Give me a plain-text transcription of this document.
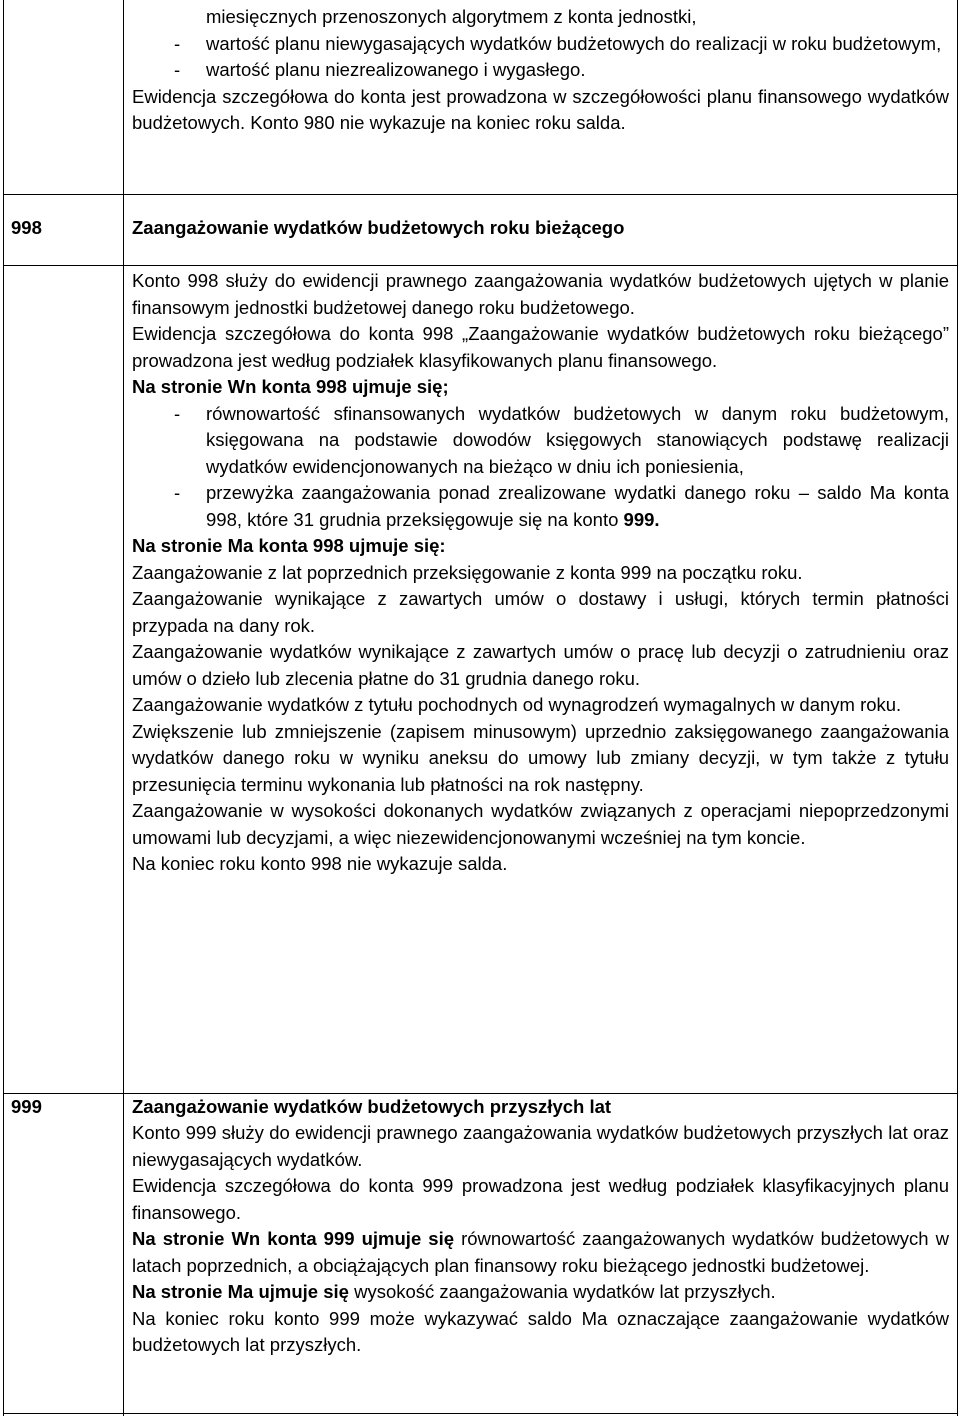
miesięcznych przenoszonych algorytmem z konta jednostki,

- wartość planu niewygasających wydatków budżetowych do realizacji w roku budżetowym,
- wartość planu niezrealizowanego i wygasłego.

Ewidencja szczegółowa do konta jest prowadzona w szczegółowości planu finansowego wydatków budżetowych. Konto 980 nie wykazuje na koniec roku salda.

998	Zaangażowanie wydatków budżetowych roku bieżącego

Konto 998 służy do ewidencji prawnego zaangażowania wydatków budżetowych ujętych w planie finansowym jednostki budżetowej danego roku budżetowego.

Ewidencja szczegółowa do konta 998 „Zaangażowanie wydatków budżetowych roku bieżącego” prowadzona jest według podziałek klasyfikowanych planu finansowego.

Na stronie Wn konta 998 ujmuje się;

- równowartość sfinansowanych wydatków budżetowych w danym roku budżetowym, księgowana na podstawie dowodów księgowych stanowiących podstawę realizacji wydatków ewidencjonowanych na bieżąco w dniu ich poniesienia,
- przewyżka zaangażowania ponad zrealizowane wydatki danego roku – saldo Ma konta 998, które 31 grudnia przeksięgowuje się na konto 999.

Na stronie Ma konta 998 ujmuje się:

Zaangażowanie z lat poprzednich przeksięgowanie z konta 999 na początku roku.

Zaangażowanie wynikające z zawartych umów o dostawy i usługi, których termin płatności przypada na dany rok.

Zaangażowanie wydatków wynikające z zawartych umów o pracę lub decyzji o zatrudnieniu oraz umów o dzieło lub zlecenia płatne do 31 grudnia danego roku.

Zaangażowanie wydatków z tytułu pochodnych od wynagrodzeń wymagalnych w danym roku.

Zwiększenie lub zmniejszenie (zapisem minusowym) uprzednio zaksięgowanego zaangażowania wydatków danego roku w wyniku aneksu do umowy lub zmiany decyzji, w tym także z tytułu przesunięcia terminu wykonania lub płatności na rok następny.

Zaangażowanie w wysokości dokonanych wydatków związanych z operacjami niepoprzedzonymi umowami lub decyzjami, a więc niezewidencjonowanymi wcześniej na tym koncie.

Na koniec roku konto 998 nie wykazuje salda.

999	Zaangażowanie wydatków budżetowych przyszłych lat

Konto 999 służy do ewidencji prawnego zaangażowania wydatków budżetowych przyszłych lat oraz niewygasających wydatków.

Ewidencja szczegółowa do konta 999 prowadzona jest według podziałek klasyfikacyjnych planu finansowego.

Na stronie Wn konta 999 ujmuje się równowartość zaangażowanych wydatków budżetowych w latach poprzednich, a obciążających plan finansowy roku bieżącego jednostki budżetowej.

Na stronie Ma ujmuje się wysokość zaangażowania wydatków lat przyszłych.

Na koniec roku konto 999 może wykazywać saldo Ma oznaczające zaangażowanie wydatków budżetowych lat przyszłych.
